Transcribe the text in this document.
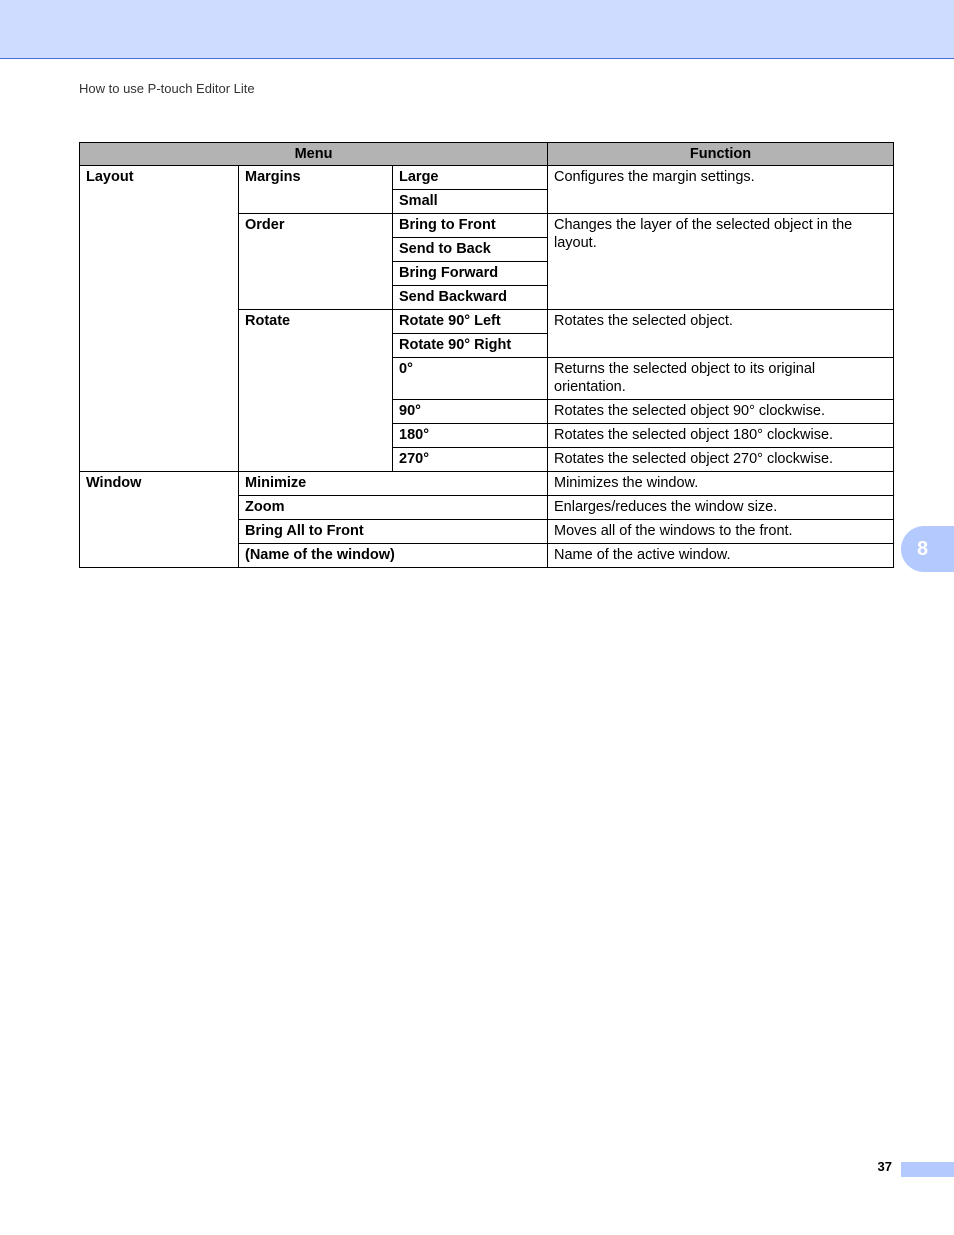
How to use P-touch Editor Lite
Menu			Function
Layout	Margins	Large	Configures the margin settings.
		Small	
	Order	Bring to Front	Changes the layer of the selected object in the layout.
		Send to Back	
		Bring Forward	
		Send Backward	
	Rotate	Rotate 90° Left	Rotates the selected object.
		Rotate 90° Right	
		0°	Returns the selected object to its original orientation.
		90°	Rotates the selected object 90° clockwise.
		180°	Rotates the selected object 180° clockwise.
		270°	Rotates the selected object 270° clockwise.
Window	Minimize		Minimizes the window.
	Zoom		Enlarges/reduces the window size.
	Bring All to Front		Moves all of the windows to the front.
	(Name of the window)		Name of the active window.	8
37
